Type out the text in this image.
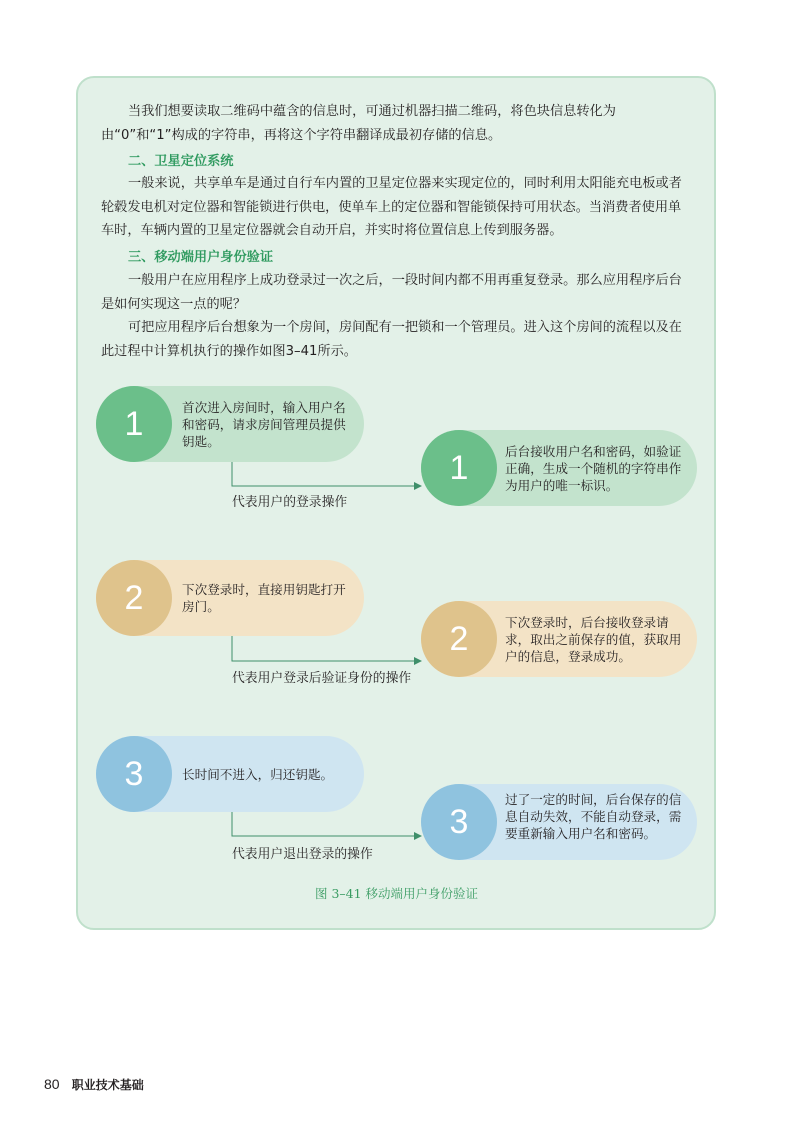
当我们想要读取二维码中蕴含的信息时，可通过机器扫描二维码，将色块信息转化为由“0”和“1”构成的字符串，再将这个字符串翻译成最初存储的信息。

二、卫星定位系统

一般来说，共享单车是通过自行车内置的卫星定位器来实现定位的，同时利用太阳能充电板或者轮毂发电机对定位器和智能锁进行供电，使单车上的定位器和智能锁保持可用状态。当消费者使用单车时，车辆内置的卫星定位器就会自动开启，并实时将位置信息上传到服务器。

三、移动端用户身份验证

一般用户在应用程序上成功登录过一次之后，一段时间内都不用再重复登录。那么应用程序后台是如何实现这一点的呢？

可把应用程序后台想象为一个房间，房间配有一把锁和一个管理员。进入这个房间的流程以及在此过程中计算机执行的操作如图3–41所示。

1	首次进入房间时，输入用户名和密码，请求房间管理员提供钥匙。
1	后台接收用户名和密码，如验证正确，生成一个随机的字符串作为用户的唯一标识。
代表用户的登录操作
2	下次登录时，直接用钥匙打开房门。
2	下次登录时，后台接收登录请求，取出之前保存的值，获取用户的信息，登录成功。
代表用户登录后验证身份的操作
3	长时间不进入，归还钥匙。
3
过了一定的时间，后台保存的信息自动失效，不能自动登录，需要重新输入用户名和密码。
代表用户退出登录的操作
图 3–41 移动端用户身份验证
80 职业技术基础
